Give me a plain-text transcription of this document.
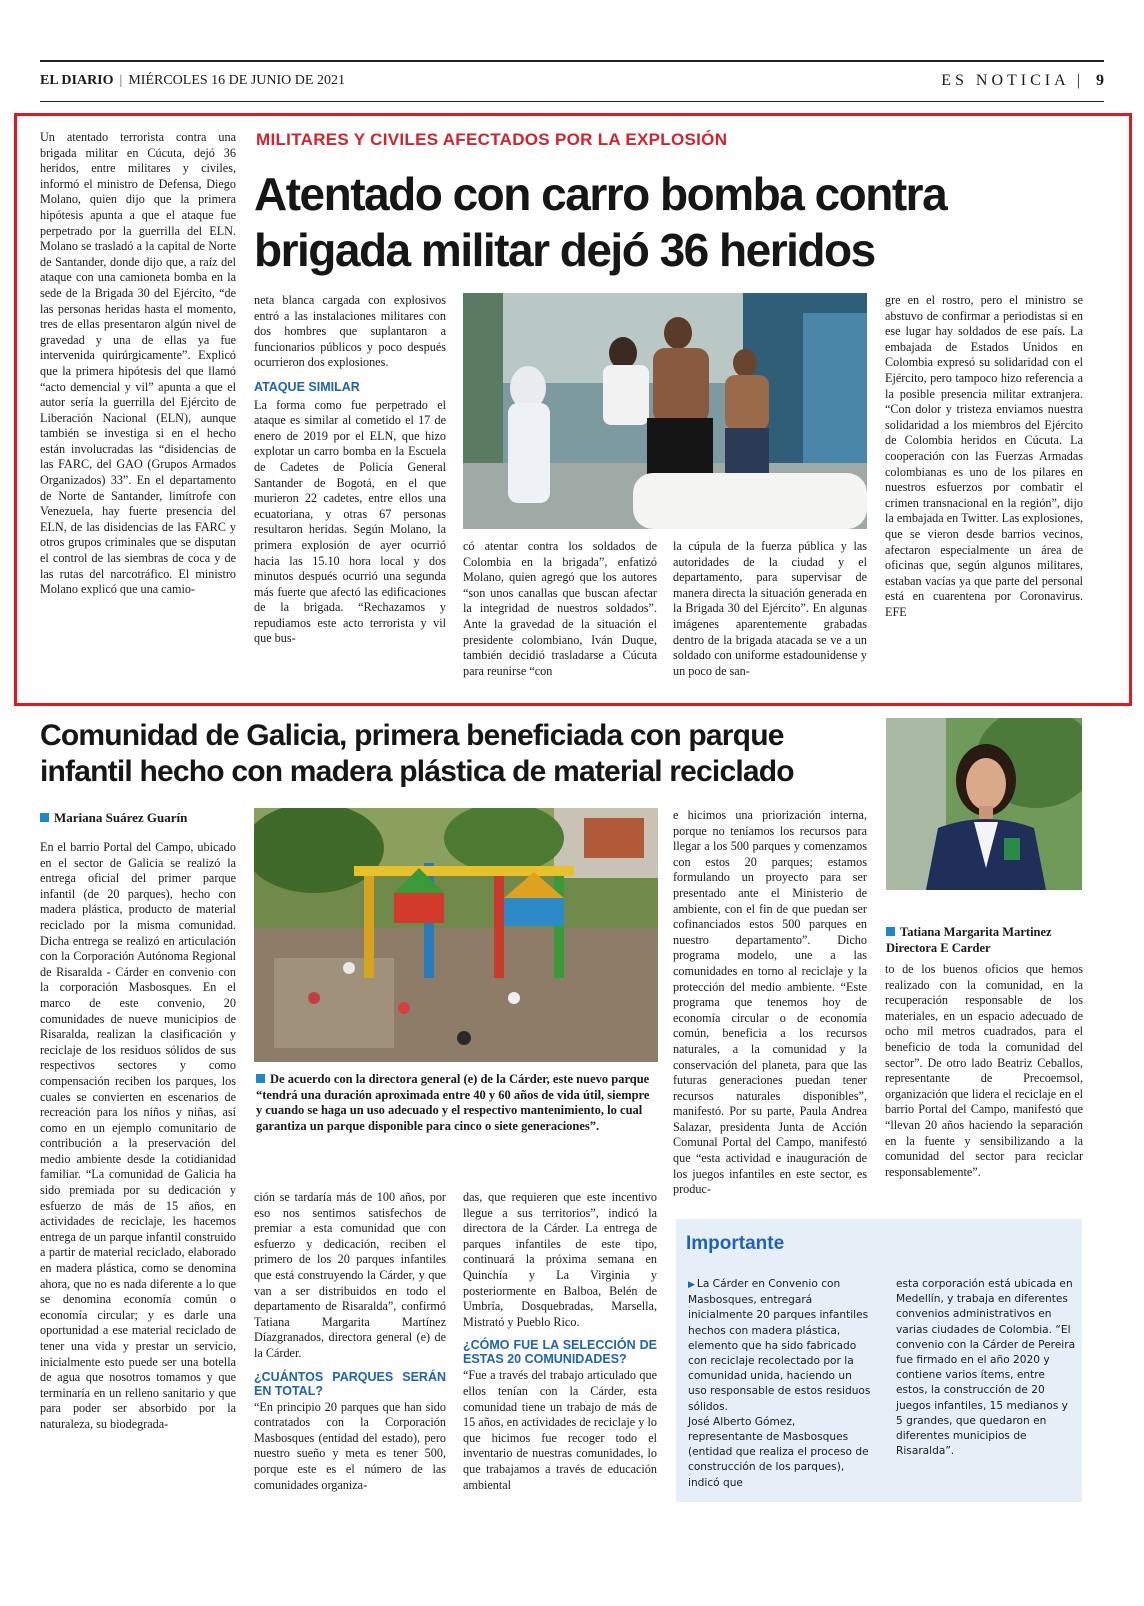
EL DIARIO | MIÉRCOLES 16 DE JUNIO DE 2021	ES NOTICIA | 9

Un atentado terrorista contra una brigada militar en Cúcuta, dejó 36 heridos, entre militares y civiles, informó el ministro de Defensa, Diego Molano, quien dijo que la primera hipótesis apunta a que el ataque fue perpetrado por la guerrilla del ELN. Molano se trasladó a la capital de Norte de Santander, donde dijo que, a raíz del ataque con una camioneta bomba en la sede de la Brigada 30 del Ejército, “de las personas heridas hasta el momento, tres de ellas presentaron algún nivel de gravedad y una de ellas ya fue intervenida quirúrgicamente”. Explicó que la primera hipótesis del que llamó “acto demencial y vil” apunta a que el autor sería la guerrilla del Ejército de Liberación Nacional (ELN), aunque también se investiga si en el hecho están involucradas las “disidencias de las FARC, del GAO (Grupos Armados Organizados) 33”. En el departamento de Norte de Santander, limítrofe con Venezuela, hay fuerte presencia del ELN, de las disidencias de las FARC y otros grupos criminales que se disputan el control de las siembras de coca y de las rutas del narcotráfico. El ministro Molano explicó que una camio-

MILITARES Y CIVILES AFECTADOS POR LA EXPLOSIÓN
Atentado con carro bomba contra
brigada militar dejó 36 heridos

neta blanca cargada con explosivos entró a las instalaciones militares con dos hombres que suplantaron a funcionarios públicos y poco después ocurrieron dos explosiones.

ATAQUE SIMILAR

La forma como fue perpetrado el ataque es similar al cometido el 17 de enero de 2019 por el ELN, que hizo explotar un carro bomba en la Escuela de Cadetes de Policía General Santander de Bogotá, en el que murieron 22 cadetes, entre ellos una ecuatoriana, y otras 67 personas resultaron heridas. Según Molano, la primera explosión de ayer ocurrió hacia las 15.10 hora local y dos minutos después ocurrió una segunda más fuerte que afectó las edificaciones de la brigada. “Rechazamos y repudiamos este acto terrorista y vil que bus-

có atentar contra los soldados de Colombia en la brigada”, enfatizó Molano, quien agregó que los autores “son unos canallas que buscan afectar la integridad de nuestros soldados”. Ante la gravedad de la situación el presidente colombiano, Iván Duque, también decidió trasladarse a Cúcuta para reunirse “con

la cúpula de la fuerza pública y las autoridades de la ciudad y el departamento, para supervisar de manera directa la situación generada en la Brigada 30 del Ejército”. En algunas imágenes aparentemente grabadas dentro de la brigada atacada se ve a un soldado con uniforme estadounidense y un poco de san-

gre en el rostro, pero el ministro se abstuvo de confirmar a periodistas si en ese lugar hay soldados de ese país. La embajada de Estados Unidos en Colombia expresó su solidaridad con el Ejército, pero tampoco hizo referencia a la posible presencia militar extranjera. “Con dolor y tristeza enviamos nuestra solidaridad a los miembros del Ejército de Colombia heridos en Cúcuta. La cooperación con las Fuerzas Armadas colombianas es uno de los pilares en nuestros esfuerzos por combatir el crimen transnacional en la región”, dijo la embajada en Twitter. Las explosiones, que se vieron desde barrios vecinos, afectaron especialmente un área de oficinas que, según algunos militares, estaban vacías ya que parte del personal está en cuarentena por Coronavirus. EFE

Comunidad de Galicia, primera beneficiada con parque
infantil hecho con madera plástica de material reciclado
Mariana Suárez Guarín

En el barrio Portal del Campo, ubicado en el sector de Galicia se realizó la entrega oficial del primer parque infantil (de 20 parques), hecho con madera plástica, producto de material reciclado por la misma comunidad. Dicha entrega se realizó en articulación con la Corporación Autónoma Regional de Risaralda - Cárder en convenio con la corporación Masbosques. En el marco de este convenio, 20 comunidades de nueve municipios de Risaralda, realizan la clasificación y reciclaje de los residuos sólidos de sus respectivos sectores y como compensación reciben los parques, los cuales se convierten en escenarios de recreación para los niños y niñas, así como en un ejemplo comunitario de contribución a la preservación del medio ambiente desde la cotidianidad familiar. “La comunidad de Galicia ha sido premiada por su dedicación y esfuerzo de más de 15 años, en actividades de reciclaje, les hacemos entrega de un parque infantil construido a partir de material reciclado, elaborado en madera plástica, como se denomina ahora, que no es nada diferente a lo que se denomina economía común o economía circular; y es darle una oportunidad a ese material reciclado de tener una vida y prestar un servicio, inicialmente esto puede ser una botella de agua que nosotros tomamos y que terminaría en un relleno sanitario y que para poder ser absorbido por la naturaleza, su biodegrada-

De acuerdo con la directora general (e) de la Cárder, este nuevo parque “tendrá una duración aproximada entre 40 y 60 años de vida útil, siempre y cuando se haga un uso adecuado y el respectivo mantenimiento, lo cual garantiza un parque disponible para cinco o siete generaciones”.

ción se tardaría más de 100 años, por eso nos sentimos satisfechos de premiar a esta comunidad que con esfuerzo y dedicación, reciben el primero de los 20 parques infantiles que está construyendo la Cárder, y que van a ser distribuidos en todo el departamento de Risaralda”, confirmó Tatiana Margarita Martínez Díazgranados, directora general (e) de la Cárder.

¿CUÁNTOS PARQUES SERÁN EN TOTAL?

“En principio 20 parques que han sido contratados con la Corporación Masbosques (entidad del estado), pero nuestro sueño y meta es tener 500, porque este es el número de las comunidades organiza-

das, que requieren que este incentivo llegue a sus territorios”, indicó la directora de la Cárder. La entrega de parques infantiles de este tipo, continuará la próxima semana en Quinchía y La Virginia y posteriormente en Balboa, Belén de Umbría, Dosquebradas, Marsella, Mistrató y Pueblo Rico.

¿CÓMO FUE LA SELECCIÓN DE ESTAS 20 COMUNIDADES?

“Fue a través del trabajo articulado que ellos tenían con la Cárder, esta comunidad tiene un trabajo de más de 15 años, en actividades de reciclaje y lo que hicimos fue recoger todo el inventario de nuestras comunidades, lo que trabajamos a través de educación ambiental

e hicimos una priorización interna, porque no teníamos los recursos para llegar a los 500 parques y comenzamos con estos 20 parques; estamos formulando un proyecto para ser presentado ante el Ministerio de ambiente, con el fin de que puedan ser cofinanciados estos 500 parques en nuestro departamento”. Dicho programa modelo, une a las comunidades en torno al reciclaje y la protección del medio ambiente. “Este programa que tenemos hoy de economía circular o de economía común, beneficia a los recursos naturales, a la comunidad y la conservación del planeta, para que las futuras generaciones puedan tener recursos naturales disponibles”, manifestó. Por su parte, Paula Andrea Salazar, presidenta Junta de Acción Comunal Portal del Campo, manifestó que “esta actividad e inauguración de los juegos infantiles en este sector, es produc-

Tatiana Margarita Martinez
Directora E Carder

to de los buenos oficios que hemos realizado con la comunidad, en la recuperación responsable de los materiales, en un espacio adecuado de ocho mil metros cuadrados, para el beneficio de toda la comunidad del sector”. De otro lado Beatriz Ceballos, representante de Precoemsol, organización que lidera el reciclaje en el barrio Portal del Campo, manifestó que “llevan 20 años haciendo la separación en la fuente y sensibilizando a la comunidad del sector para reciclar responsablemente”.

Importante

▶ La Cárder en Convenio con Masbosques, entregará inicialmente 20 parques infantiles hechos con madera plástica, elemento que ha sido fabricado con reciclaje recolectado por la comunidad unida, haciendo un uso responsable de estos residuos sólidos.

José Alberto Gómez, representante de Masbosques (entidad que realiza el proceso de construcción de los parques), indicó que

esta corporación está ubicada en Medellín, y trabaja en diferentes convenios administrativos en varias ciudades de Colombia. “El convenio con la Cárder de Pereira fue firmado en el año 2020 y contiene varios ítems, entre estos, la construcción de 20 juegos infantiles, 15 medianos y 5 grandes, que quedaron en diferentes municipios de Risaralda”.
